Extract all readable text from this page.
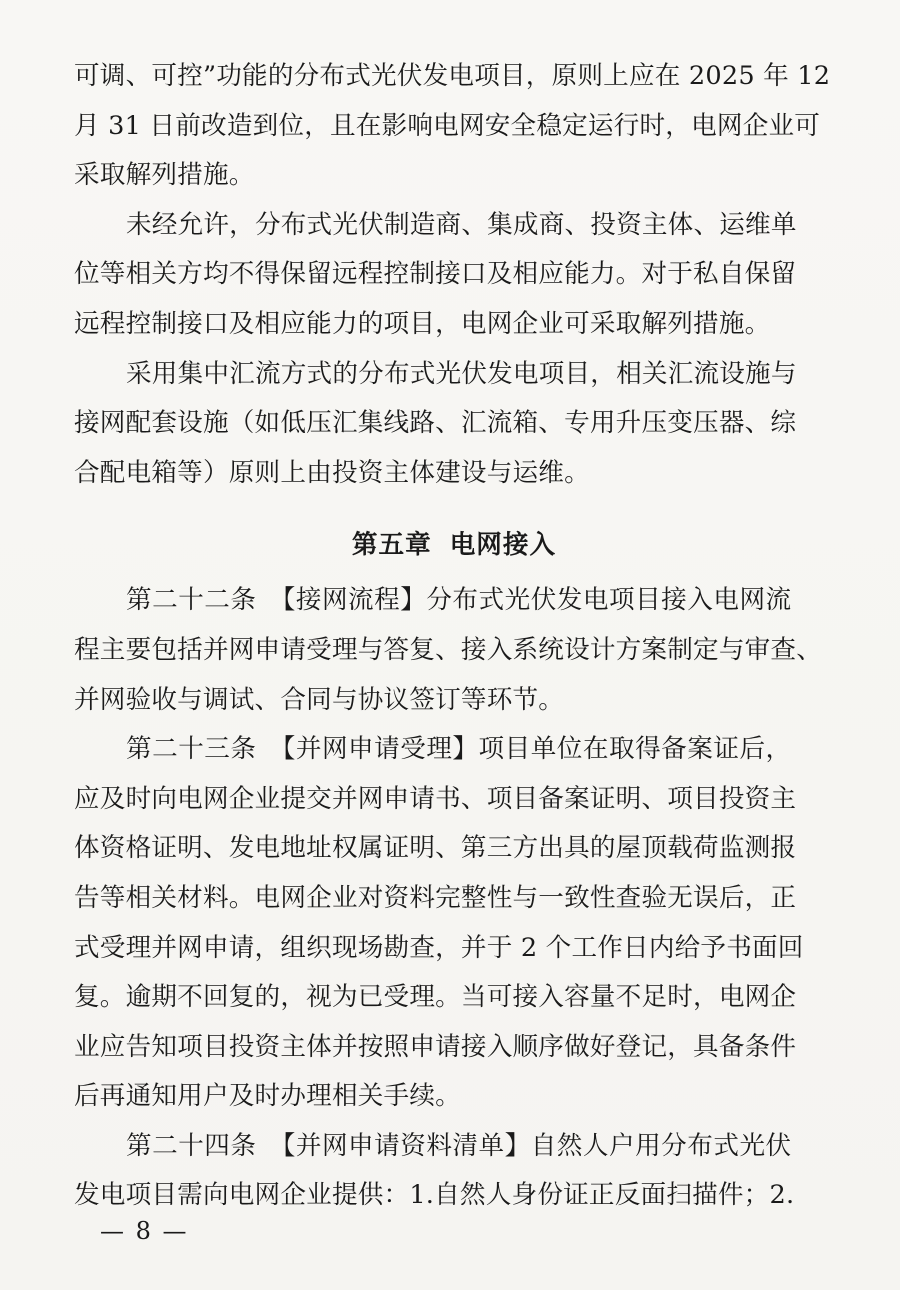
可调、可控”功能的分布式光伏发电项目，原则上应在 2025 年 12
月 31 日前改造到位，且在影响电网安全稳定运行时，电网企业可
采取解列措施。
未经允许，分布式光伏制造商、集成商、投资主体、运维单
位等相关方均不得保留远程控制接口及相应能力。对于私自保留
远程控制接口及相应能力的项目，电网企业可采取解列措施。
采用集中汇流方式的分布式光伏发电项目，相关汇流设施与
接网配套设施（如低压汇集线路、汇流箱、专用升压变压器、综
合配电箱等）原则上由投资主体建设与运维。
第五章 电网接入
第二十二条　【接网流程】分布式光伏发电项目接入电网流
程主要包括并网申请受理与答复、接入系统设计方案制定与审查、
并网验收与调试、合同与协议签订等环节。
第二十三条　【并网申请受理】项目单位在取得备案证后，
应及时向电网企业提交并网申请书、项目备案证明、项目投资主
体资格证明、发电地址权属证明、第三方出具的屋顶载荷监测报
告等相关材料。电网企业对资料完整性与一致性查验无误后，正
式受理并网申请，组织现场勘查，并于 2 个工作日内给予书面回
复。逾期不回复的，视为已受理。当可接入容量不足时，电网企
业应告知项目投资主体并按照申请接入顺序做好登记，具备条件
后再通知用户及时办理相关手续。
第二十四条　【并网申请资料清单】自然人户用分布式光伏
发电项目需向电网企业提供：1.自然人身份证正反面扫描件；2.
— 8 —
